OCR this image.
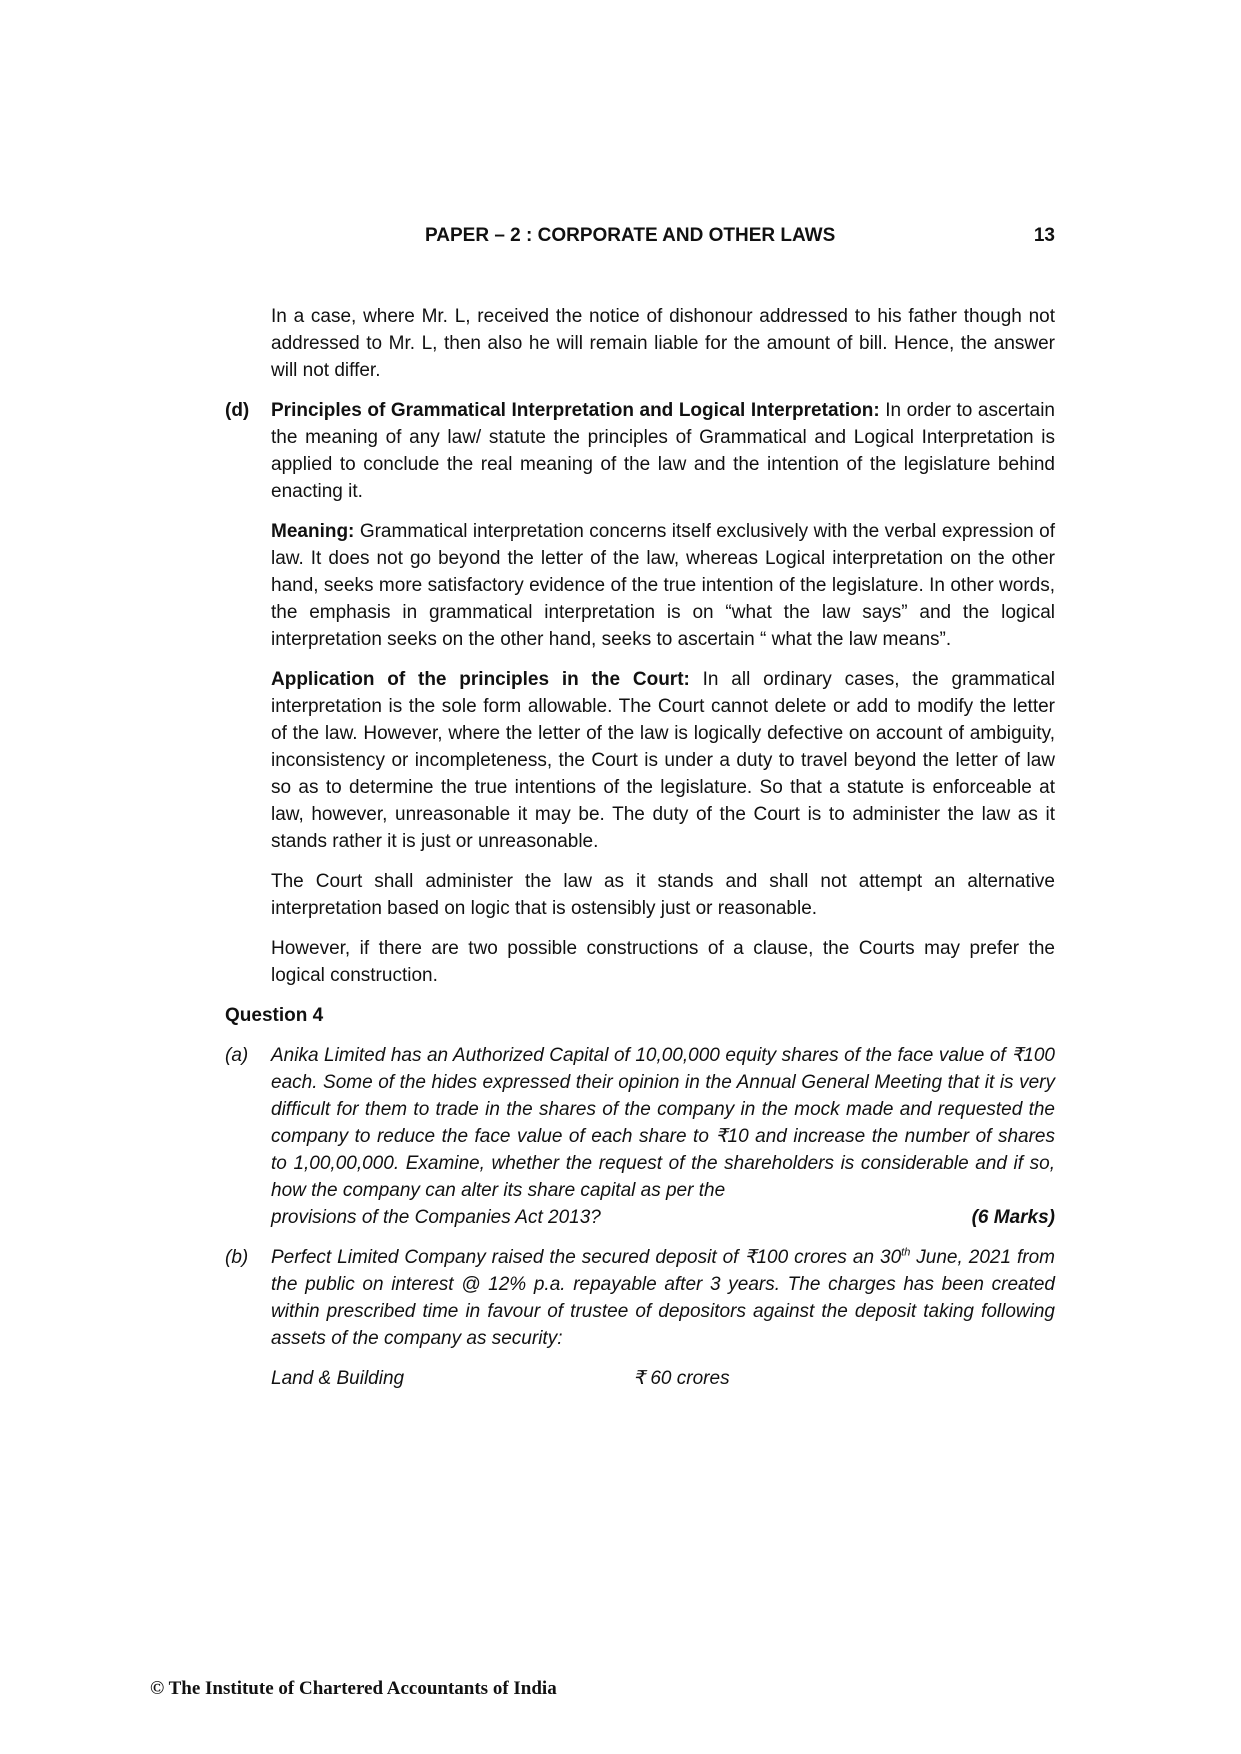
PAPER – 2 : CORPORATE AND OTHER LAWS	13

In a case, where Mr. L, received the notice of dishonour addressed to his father though not addressed to Mr. L, then also he will remain liable for the amount of bill. Hence, the answer will not differ.

(d) Principles of Grammatical Interpretation and Logical Interpretation: In order to ascertain the meaning of any law/ statute the principles of Grammatical and Logical Interpretation is applied to conclude the real meaning of the law and the intention of the legislature behind enacting it.

Meaning: Grammatical interpretation concerns itself exclusively with the verbal expression of law. It does not go beyond the letter of the law, whereas Logical interpretation on the other hand, seeks more satisfactory evidence of the true intention of the legislature. In other words, the emphasis in grammatical interpretation is on “what the law says” and the logical interpretation seeks on the other hand, seeks to ascertain “ what the law means”.

Application of the principles in the Court: In all ordinary cases, the grammatical interpretation is the sole form allowable. The Court cannot delete or add to modify the letter of the law. However, where the letter of the law is logically defective on account of ambiguity, inconsistency or incompleteness, the Court is under a duty to travel beyond the letter of law so as to determine the true intentions of the legislature. So that a statute is enforceable at law, however, unreasonable it may be. The duty of the Court is to administer the law as it stands rather it is just or unreasonable.

The Court shall administer the law as it stands and shall not attempt an alternative interpretation based on logic that is ostensibly just or reasonable.

However, if there are two possible constructions of a clause, the Courts may prefer the logical construction.

Question 4

(a) Anika Limited has an Authorized Capital of 10,00,000 equity shares of the face value of ₹100 each. Some of the hides expressed their opinion in the Annual General Meeting that it is very difficult for them to trade in the shares of the company in the mock made and requested the company to reduce the face value of each share to ₹10 and increase the number of shares to 1,00,00,000. Examine, whether the request of the shareholders is considerable and if so, how the company can alter its share capital as per the

provisions of the Companies Act 2013?	(6 Marks)
(b) Perfect Limited Company raised the secured deposit of ₹100 crores an 30th June, 2021 from the public on interest @ 12% p.a. repayable after 3 years. The charges has been created within prescribed time in favour of trustee of depositors against the deposit taking following assets of the company as security:

Land & Building	₹ 60 crores
© The Institute of Chartered Accountants of India
